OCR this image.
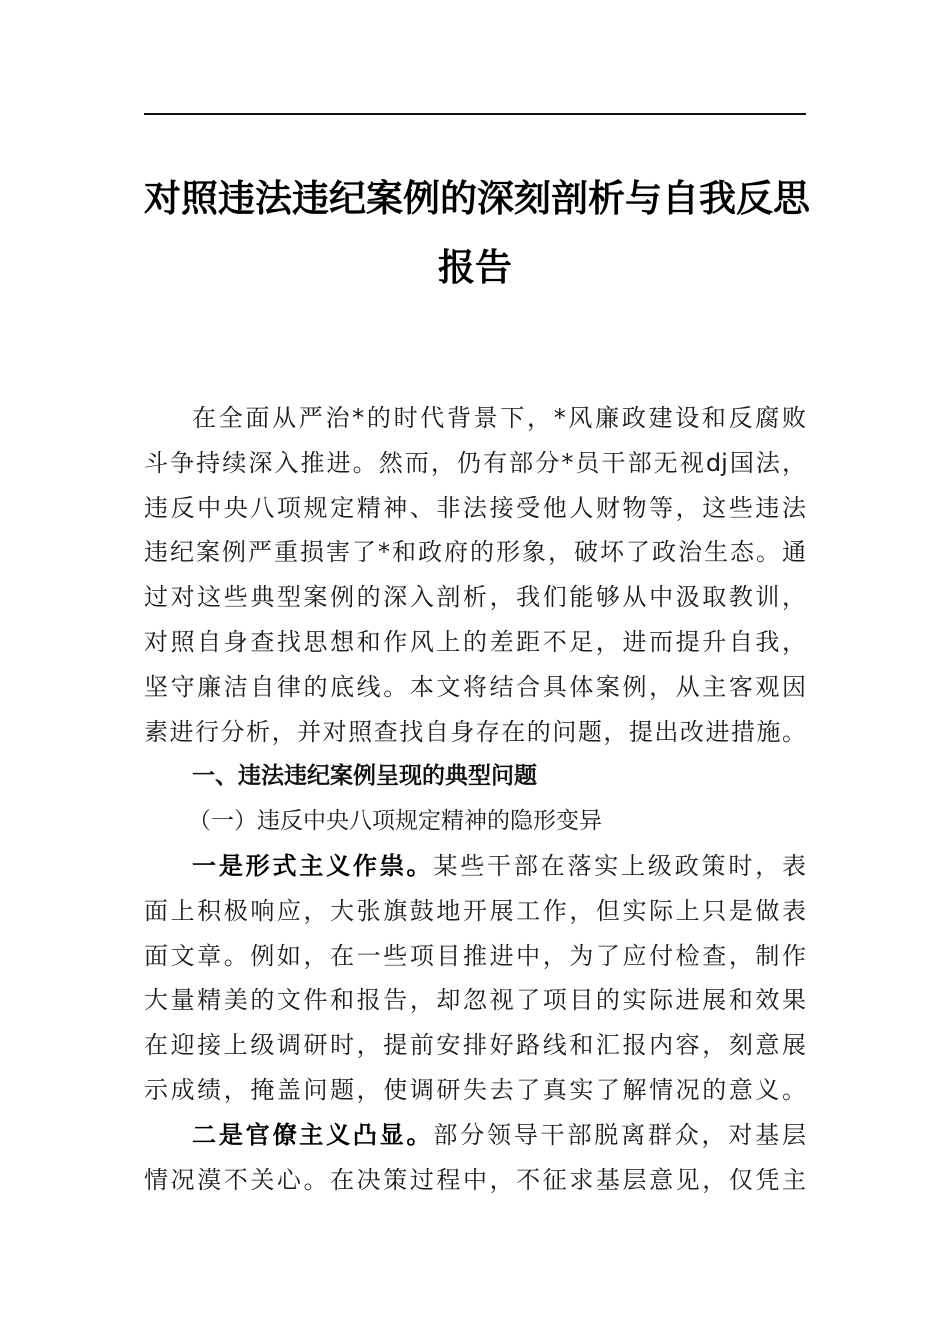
对照违法违纪案例的深刻剖析与自我反思
报告
在全面从严治*的时代背景下，*风廉政建设和反腐败
斗争持续深入推进。然而，仍有部分*员干部无视dj国法，
违反中央八项规定精神、非法接受他人财物等，这些违法
违纪案例严重损害了*和政府的形象，破坏了政治生态。通
过对这些典型案例的深入剖析，我们能够从中汲取教训，
对照自身查找思想和作风上的差距不足，进而提升自我，
坚守廉洁自律的底线。本文将结合具体案例，从主客观因
素进行分析，并对照查找自身存在的问题，提出改进措施。
一、违法违纪案例呈现的典型问题
（一）违反中央八项规定精神的隐形变异
一是形式主义作祟。某些干部在落实上级政策时，表
面上积极响应，大张旗鼓地开展工作，但实际上只是做表
面文章。例如，在一些项目推进中，为了应付检查，制作
大量精美的文件和报告，却忽视了项目的实际进展和效果
在迎接上级调研时，提前安排好路线和汇报内容，刻意展
示成绩，掩盖问题，使调研失去了真实了解情况的意义。
二是官僚主义凸显。部分领导干部脱离群众，对基层
情况漠不关心。在决策过程中，不征求基层意见，仅凭主
